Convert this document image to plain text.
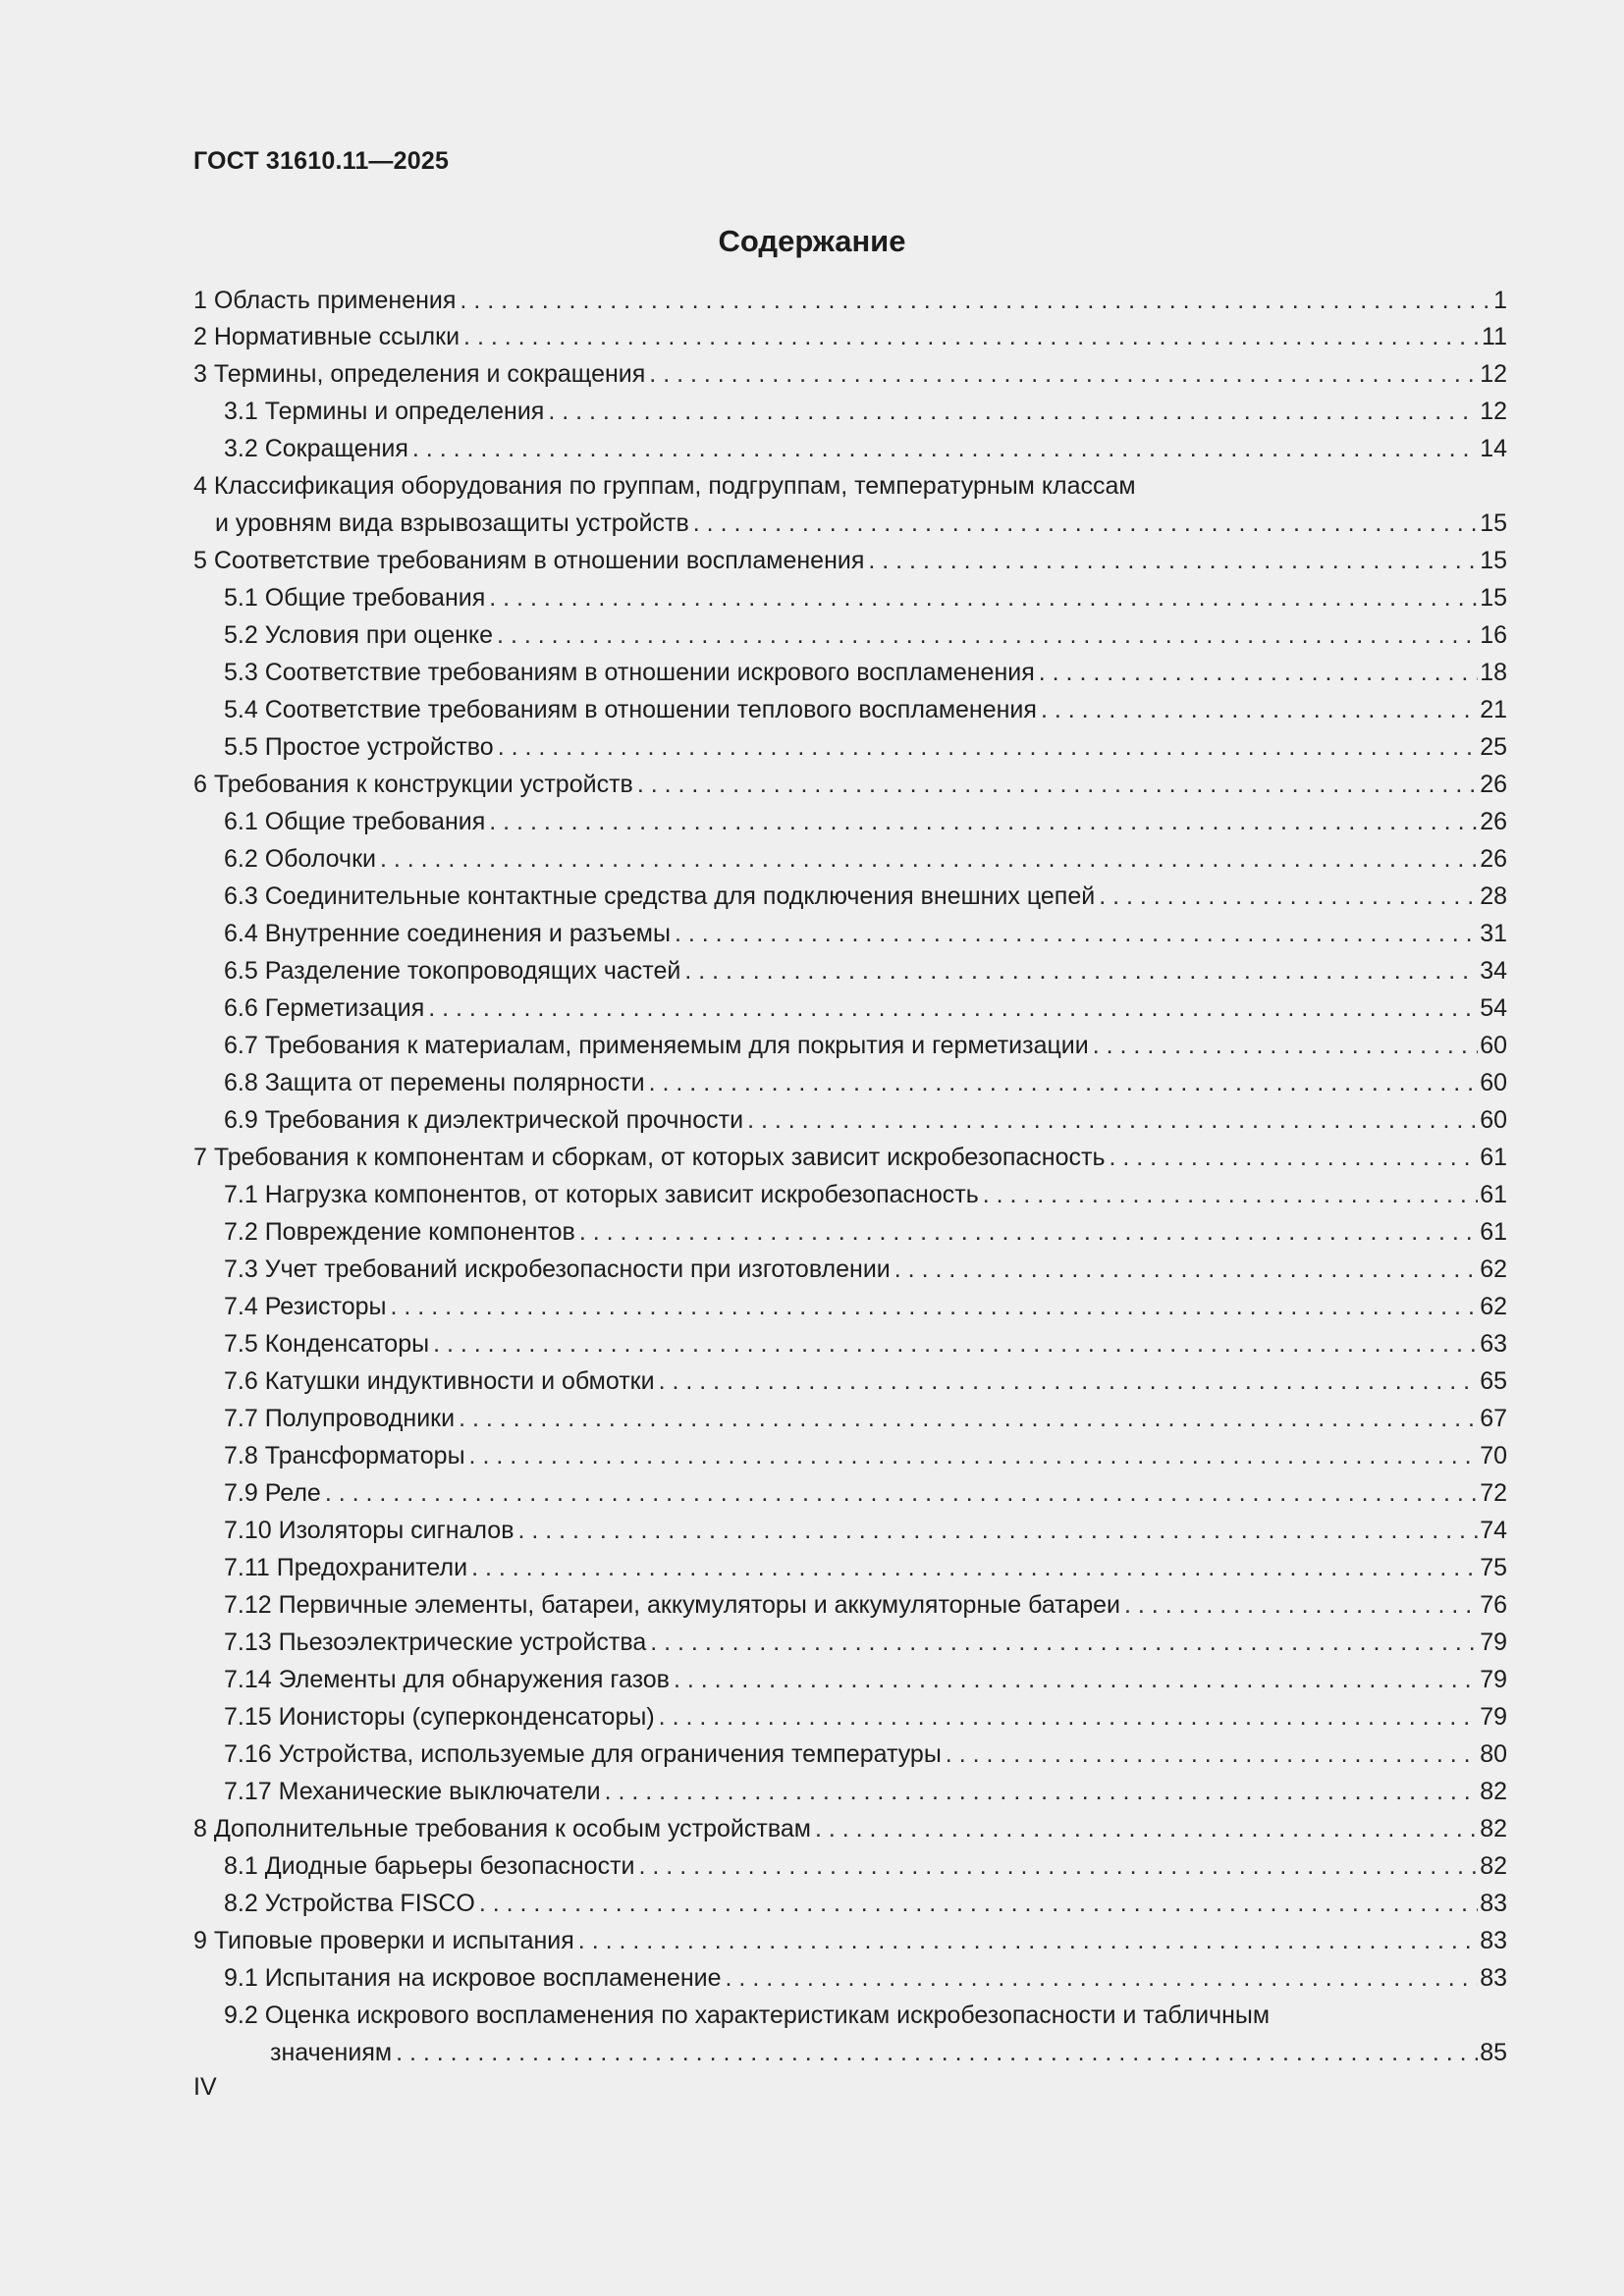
ГОСТ 31610.11—2025
Содержание
1 Область применения . . .	1
2 Нормативные ссылки . . .	11
3 Термины, определения и сокращения . . .	12
3.1 Термины и определения . . .	12
3.2 Сокращения . . .	14
4 Классификация оборудования по группам, подгруппам, температурным классам
и уровням вида взрывозащиты устройств . . .	15
5 Соответствие требованиям в отношении воспламенения . . .	15
5.1 Общие требования . . .	15
5.2 Условия при оценке . . .	16
5.3 Соответствие требованиям в отношении искрового воспламенения . . .	18
5.4 Соответствие требованиям в отношении теплового воспламенения . . .	21
5.5 Простое устройство . . .	25
6 Требования к конструкции устройств . . .	26
6.1 Общие требования . . .	26
6.2 Оболочки . . .	26
6.3 Соединительные контактные средства для подключения внешних цепей . . .	28
6.4 Внутренние соединения и разъемы . . .	31
6.5 Разделение токопроводящих частей . . .	34
6.6 Герметизация . . .	54
6.7 Требования к материалам, применяемым для покрытия и герметизации . . .	60
6.8 Защита от перемены полярности . . .	60
6.9 Требования к диэлектрической прочности . . .	60
7 Требования к компонентам и сборкам, от которых зависит искробезопасность . . .	61
7.1 Нагрузка компонентов, от которых зависит искробезопасность . . .	61
7.2 Повреждение компонентов . . .	61
7.3 Учет требований искробезопасности при изготовлении . . .	62
7.4 Резисторы . . .	62
7.5 Конденсаторы . . .	63
7.6 Катушки индуктивности и обмотки . . .	65
7.7 Полупроводники . . .	67
7.8 Трансформаторы . . .	70
7.9 Реле . . .	72
7.10 Изоляторы сигналов . . .	74
7.11 Предохранители . . .	75
7.12 Первичные элементы, батареи, аккумуляторы и аккумуляторные батареи . . .	76
7.13 Пьезоэлектрические устройства . . .	79
7.14 Элементы для обнаружения газов . . .	79
7.15 Ионисторы (суперконденсаторы) . . .	79
7.16 Устройства, используемые для ограничения температуры . . .	80
7.17 Механические выключатели . . .	82
8 Дополнительные требования к особым устройствам . . .	82
8.1 Диодные барьеры безопасности . . .	82
8.2 Устройства FISCO . . .	83
9 Типовые проверки и испытания . . .	83
9.1 Испытания на искровое воспламенение . . .	83
9.2 Оценка искрового воспламенения по характеристикам искробезопасности и табличным
значениям . . .	85
IV
